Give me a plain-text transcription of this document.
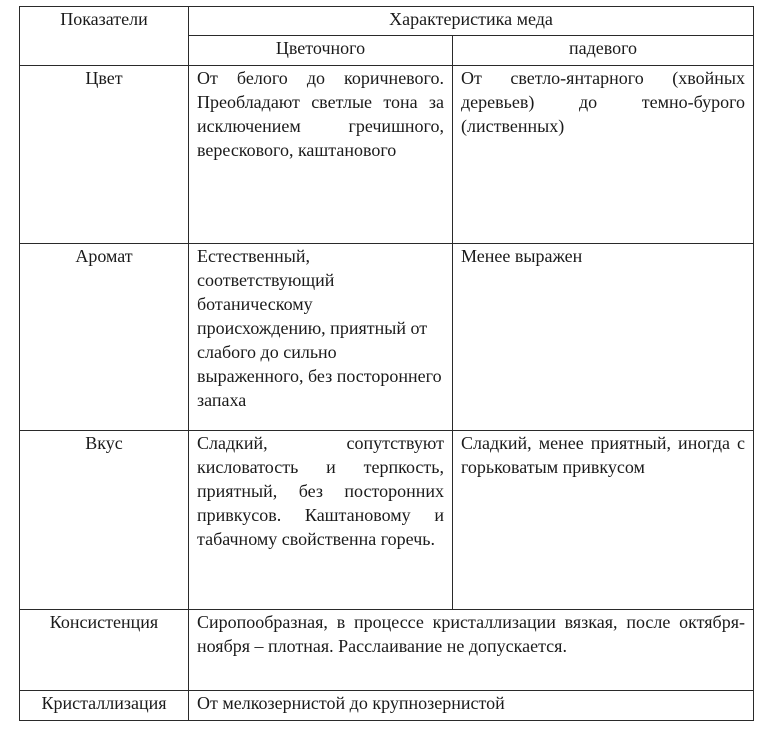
Показатели	Характеристика меда	
	Цветочного	падевого
Цвет	От белого до коричневого. Преобладают светлые тона за исключением гречишного, верескового, каштанового	От светло-янтарного (хвойных деревьев) до темно-бурого (лиственных)
Аромат	Естественный, соответствующий ботаническому происхождению, приятный от слабого до сильно выраженного, без постороннего запаха	Менее выражен
Вкус	Сладкий, сопутствуют кисловатость и терпкость, приятный, без посторонних привкусов. Каштановому и табачному свойственна горечь.	Сладкий, менее приятный, иногда с горьковатым привкусом
Консистенция	Сиропообразная, в процессе кристаллизации вязкая, после октября-ноября – плотная. Расслаивание не допускается.	
Кристаллизация	От мелкозернистой до крупнозернистой	
